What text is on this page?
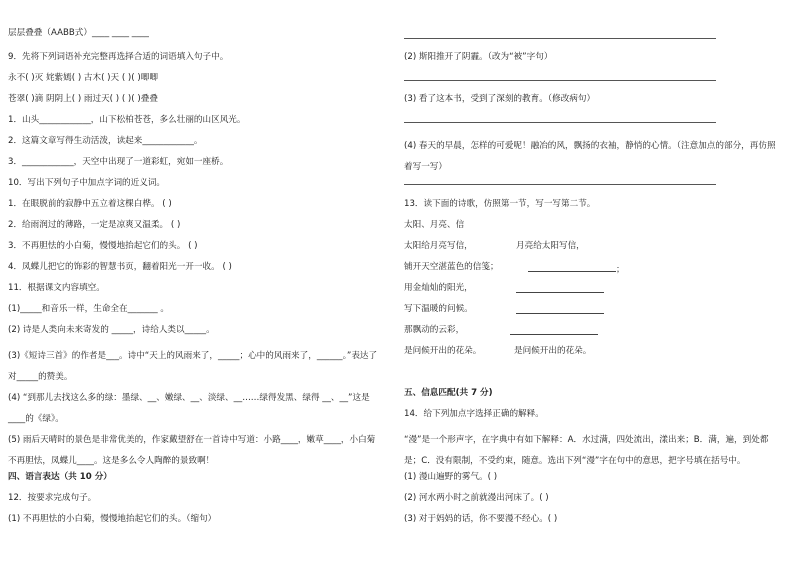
层层叠叠（AABB式）____ ____ ____
9．先将下列词语补充完整再选择合适的词语填入句子中。
永不( )灭 姹紫嫣( ) 古木( )天 ( )( )唧唧
苍翠( )滴 阴阴上( ) 雨过天( ) ( )( )叠叠
1．山头____________，山下松柏苍苍，多么壮丽的山区风光。
2．这篇文章写得生动活泼，读起来____________。
3．____________，天空中出现了一道彩虹，宛如一座桥。
10．写出下列句子中加点字词的近义词。
1．在眼脱前的寂静中五立着这棵白桦。 ( )
2．给雨润过的薄路，一定是凉爽又温柔。 ( )
3．不再胆怯的小白菊，慢慢地抬起它们的头。 ( )
4．凤蝶儿把它的饰彩的智慧书页，翻着阳光一开一收。 ( )
11．根据课文内容填空。
(1)_____和音乐一样，生命全在_______ 。
(2) 诗是人类向未来寄发的 _____，诗给人类以_____。
(3)《短诗三首》的作者是___。诗中“天上的风雨来了，_____；心中的风雨来了，______。”表达了对_____的赞美。
(4) “到那儿去找这么多的绿：墨绿、__、嫩绿、__、淡绿、__……绿得发黑、绿得 __、__”这是____的《绿》。
(5) 雨后天晴时的景色是非常优美的，作家戴望舒在一首诗中写道：小路____，嫩草____，小白菊不再胆怯，凤蝶儿____。这是多么令人陶醉的景致啊！
四、语言表达（共 10 分）
12．按要求完成句子。
(1) 不再胆怯的小白菊，慢慢地抬起它们的头。（缩句）
(2) 斯阳推开了阴霾。（改为“被”字句）
(3) 看了这本书，受到了深刻的教育。（修改病句）
(4) 春天的早晨，怎样的可爱呢！融冶的风，飘扬的衣袖，静悄的心情。（注意加点的部分，再仿照着写一写）
13．读下面的诗歌，仿照第一节，写一写第二节。
太阳、月亮、信
太阳给月亮写信，	月亮给太阳写信，
铺开天空湛蓝色的信笺；	；
用金灿灿的阳光，
写下温暖的问候。
那飘动的云彩，
是问候开出的花朵。	是问候开出的花朵。
五、信息匹配(共 7 分)
14．给下列加点字选择正确的解释。
“漫”是一个形声字，在字典中有如下解释：A．水过满，四处流出，漾出来；B．满，遍，到处都是；C．没有限制，不受约束，随意。选出下列“漫”字在句中的意思，把字号填在括号中。
(1) 漫山遍野的雾气。( )
(2) 河水两小时之前就漫出河床了。( )
(3) 对于妈妈的话，你不要漫不经心。( )
